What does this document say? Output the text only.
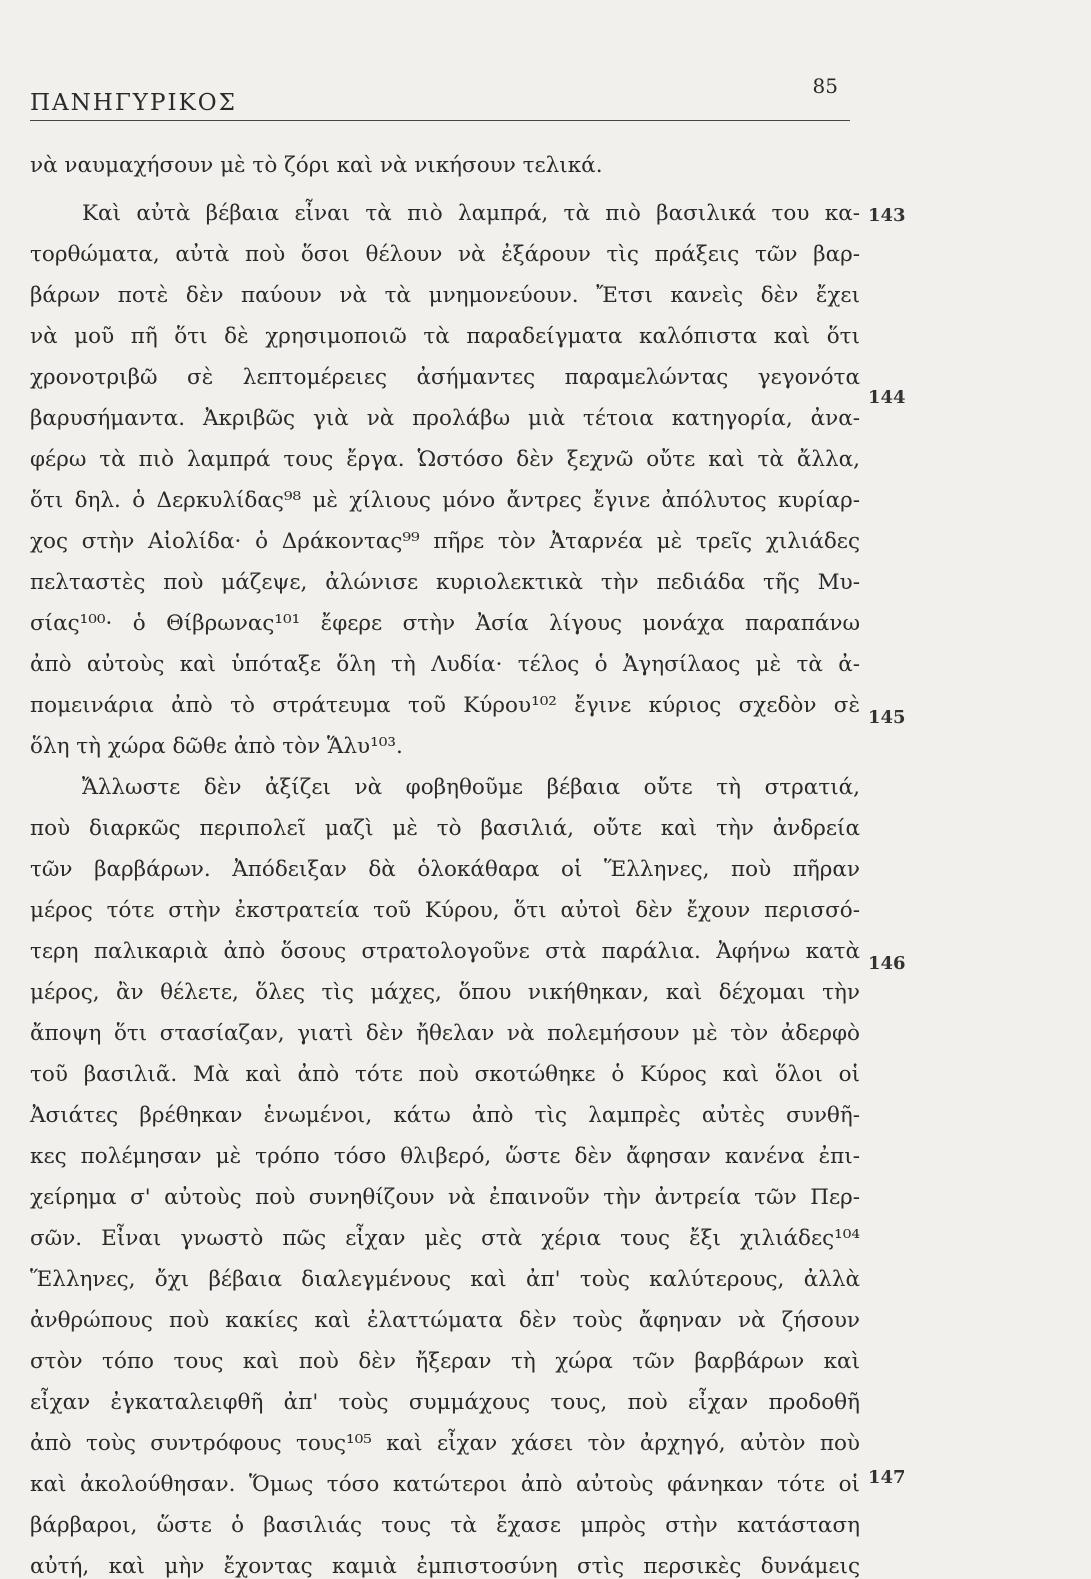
ΠΑΝΗΓΥΡΙΚΟΣ
85
νὰ ναυμαχήσουν μὲ τὸ ζόρι καὶ νὰ νικήσουν τελικά.
Καὶ αὐτὰ βέβαια εἶναι τὰ πιὸ λαμπρά, τὰ πιὸ βασιλικά του κα-
τορθώματα, αὐτὰ ποὺ ὅσοι θέλουν νὰ ἐξάρουν τὶς πράξεις τῶν βαρ-
βάρων ποτὲ δὲν παύουν νὰ τὰ μνημονεύουν. Ἔτσι κανεὶς δὲν ἔχει
νὰ μοῦ πῆ ὅτι δὲ χρησιμοποιῶ τὰ παραδείγματα καλόπιστα καὶ ὅτι
χρονοτριβῶ σὲ λεπτομέρειες ἀσήμαντες παραμελώντας γεγονότα
βαρυσήμαντα. Ἀκριβῶς γιὰ νὰ προλάβω μιὰ τέτοια κατηγορία, ἀνα-
φέρω τὰ πιὸ λαμπρά τους ἔργα. Ὡστόσο δὲν ξεχνῶ οὔτε καὶ τὰ ἄλλα,
ὅτι δηλ. ὁ Δερκυλίδας⁹⁸ μὲ χίλιους μόνο ἄντρες ἔγινε ἀπόλυτος κυρίαρ-
χος στὴν Αἰολίδα· ὁ Δράκοντας⁹⁹ πῆρε τὸν Ἀταρνέα μὲ τρεῖς χιλιάδες
πελταστὲς ποὺ μάζεψε, ἀλώνισε κυριολεκτικὰ τὴν πεδιάδα τῆς Μυ-
σίας¹⁰⁰· ὁ Θίβρωνας¹⁰¹ ἔφερε στὴν Ἀσία λίγους μονάχα παραπάνω
ἀπὸ αὐτοὺς καὶ ὑπόταξε ὅλη τὴ Λυδία· τέλος ὁ Ἀγησίλαος μὲ τὰ ἀ-
πομεινάρια ἀπὸ τὸ στράτευμα τοῦ Κύρου¹⁰² ἔγινε κύριος σχεδὸν σὲ
ὅλη τὴ χώρα δῶθε ἀπὸ τὸν Ἅλυ¹⁰³.
Ἄλλωστε δὲν ἀξίζει νὰ φοβηθοῦμε βέβαια οὔτε τὴ στρατιά,
ποὺ διαρκῶς περιπολεῖ μαζὶ μὲ τὸ βασιλιά, οὔτε καὶ τὴν ἀνδρεία
τῶν βαρβάρων. Ἀπόδειξαν δὰ ὁλοκάθαρα οἱ Ἕλληνες, ποὺ πῆραν
μέρος τότε στὴν ἐκστρατεία τοῦ Κύρου, ὅτι αὐτοὶ δὲν ἔχουν περισσό-
τερη παλικαριὰ ἀπὸ ὅσους στρατολογοῦνε στὰ παράλια. Ἀφήνω κατὰ
μέρος, ἂν θέλετε, ὅλες τὶς μάχες, ὅπου νικήθηκαν, καὶ δέχομαι τὴν
ἄποψη ὅτι στασίαζαν, γιατὶ δὲν ἤθελαν νὰ πολεμήσουν μὲ τὸν ἀδερφὸ
τοῦ βασιλιᾶ. Μὰ καὶ ἀπὸ τότε ποὺ σκοτώθηκε ὁ Κύρος καὶ ὅλοι οἱ
Ἀσιάτες βρέθηκαν ἑνωμένοι, κάτω ἀπὸ τὶς λαμπρὲς αὐτὲς συνθῆ-
κες πολέμησαν μὲ τρόπο τόσο θλιβερό, ὥστε δὲν ἄφησαν κανένα ἐπι-
χείρημα σ' αὐτοὺς ποὺ συνηθίζουν νὰ ἐπαινοῦν τὴν ἀντρεία τῶν Περ-
σῶν. Εἶναι γνωστὸ πῶς εἶχαν μὲς στὰ χέρια τους ἔξι χιλιάδες¹⁰⁴
Ἕλληνες, ὄχι βέβαια διαλεγμένους καὶ ἀπ' τοὺς καλύτερους, ἀλλὰ
ἀνθρώπους ποὺ κακίες καὶ ἐλαττώματα δὲν τοὺς ἄφηναν νὰ ζήσουν
στὸν τόπο τους καὶ ποὺ δὲν ἤξεραν τὴ χώρα τῶν βαρβάρων καὶ
εἶχαν ἐγκαταλειφθῆ ἀπ' τοὺς συμμάχους τους, ποὺ εἶχαν προδοθῆ
ἀπὸ τοὺς συντρόφους τους¹⁰⁵ καὶ εἶχαν χάσει τὸν ἀρχηγό, αὐτὸν ποὺ
καὶ ἀκολούθησαν. Ὅμως τόσο κατώτεροι ἀπὸ αὐτοὺς φάνηκαν τότε οἱ
βάρβαροι, ὥστε ὁ βασιλιάς τους τὰ ἔχασε μπρὸς στὴν κατάσταση
αὐτή, καὶ μὴν ἔχοντας καμιὰ ἐμπιστοσύνη στὶς περσικὲς δυνάμεις
143
144
145
146
147
